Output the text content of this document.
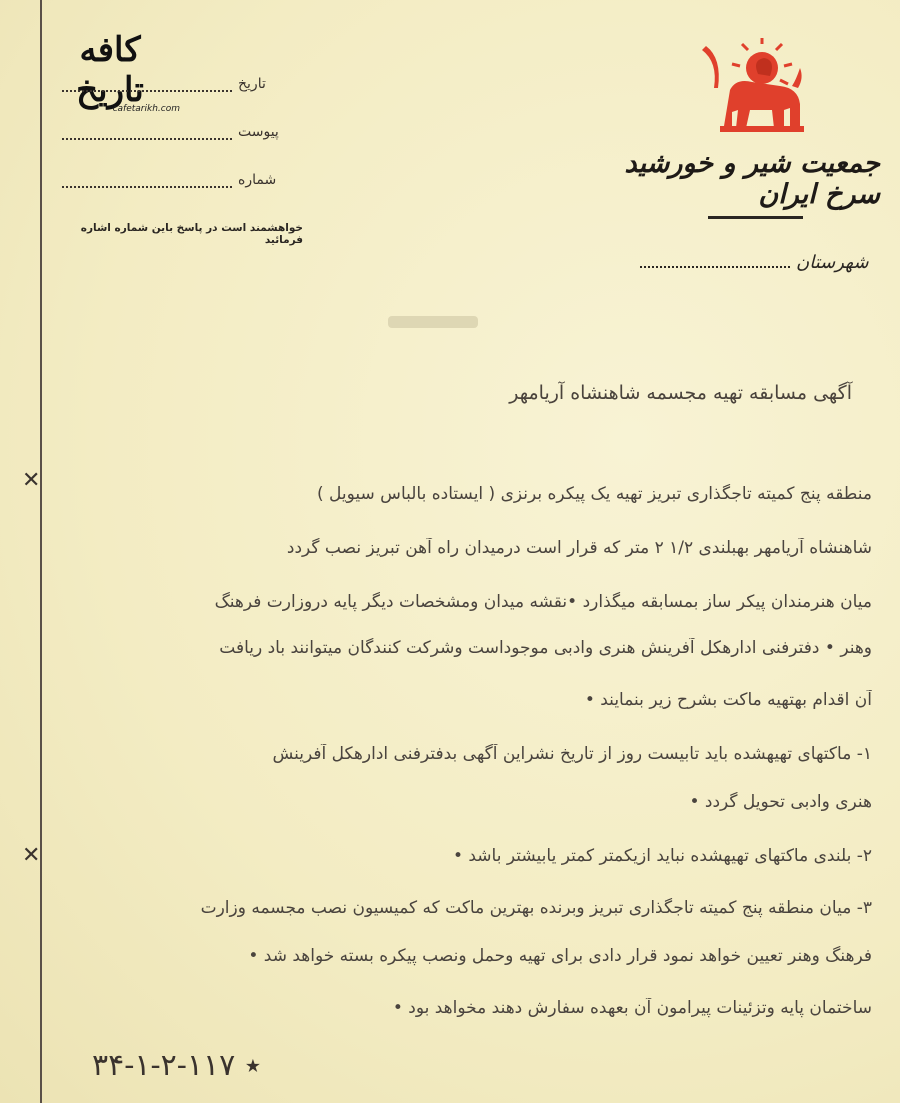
✕
✕
کافه تاریخ
cafetarikh.com
تاریخ
پیوست
شماره
خواهشمند است در پاسخ باین شماره اشاره فرمائید
جمعیت شیر و خورشید سرخ ایران
شهرستان
آگهی مسابقه تهیه مجسمه شاهنشاه آریامهر
منطقه پنج کمیته تاجگذاری تبریز تهیه یک پیکره برنزی ( ایستاده بالباس سیویل )
شاهنشاه آریامهر بهبلندی ۱/۲ ۲ متر که قرار است درمیدان راه آهن تبریز نصب گردد
میان هنرمندان پیکر ساز بمسابقه میگذارد •نقشه میدان ومشخصات دیگر پایه دروزارت فرهنگ
وهنر • دفترفنی ادارهکل آفرینش هنری وادبی موجوداست وشرکت کنندگان میتوانند باد ریافت
آن اقدام بهتهیه ماکت بشرح زیر بنمایند •
۱- ماکتهای تهیهشده باید تابیست روز از تاریخ نشراین آگهی بدفترفنی ادارهکل آفرینش
هنری وادبی تحویل گردد •
۲- بلندی ماکتهای تهیهشده نباید ازیکمتر کمتر یابیشتر باشد •
۳- میان منطقه پنج کمیته تاجگذاری تبریز وبرنده بهترین ماکت که کمیسیون نصب مجسمه وزارت
فرهنگ وهنر تعیین خواهد نمود قرار دادی برای تهیه وحمل ونصب پیکره بسته خواهد شد •
ساختمان پایه وتزئینات پیرامون آن بعهده سفارش دهند مخواهد بود •
۳۴-۱-۲-۱۱۷ ٭
